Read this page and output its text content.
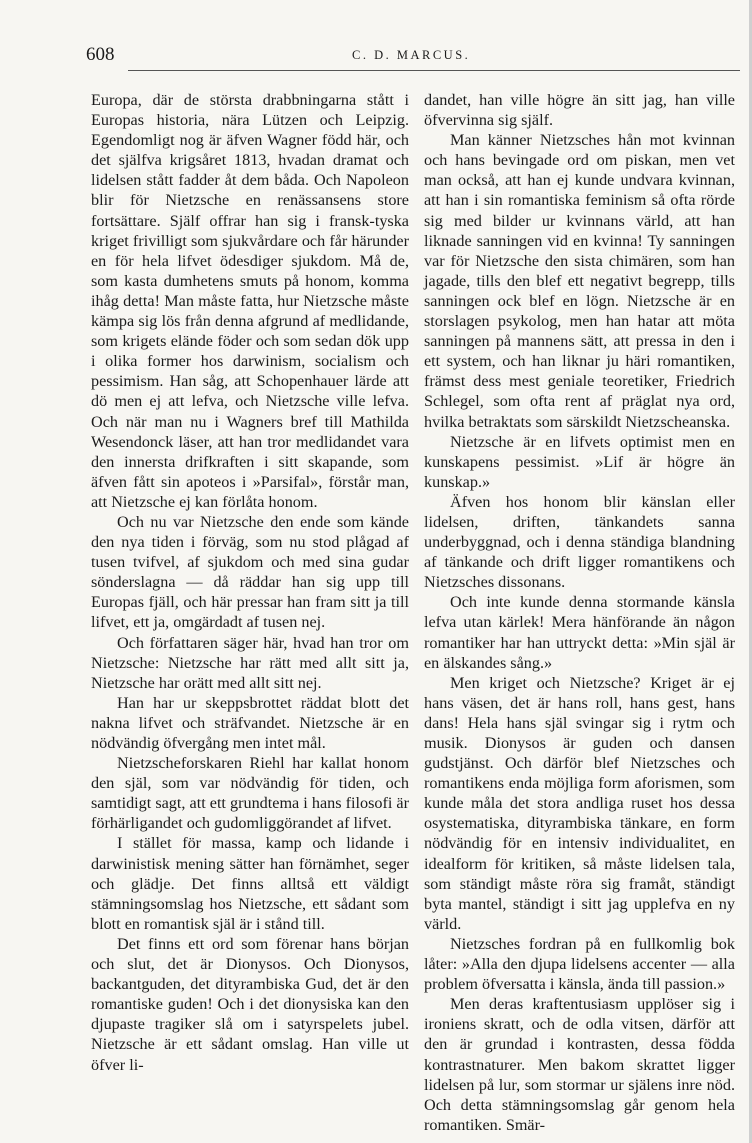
608	C. D. MARCUS.

Europa, där de största drabbningarna stått i Europas historia, nära Lützen och Leipzig. Egendomligt nog är äfven Wagner född här, och det själfva krigsåret 1813, hvadan dramat och lidelsen stått fadder åt dem båda. Och Napoleon blir för Nietzsche en renässansens store fortsättare. Själf offrar han sig i fransk-tyska kriget frivilligt som sjukvårdare och får härunder en för hela lifvet ödesdiger sjukdom. Må de, som kasta dumhetens smuts på honom, komma ihåg detta! Man måste fatta, hur Nietzsche måste kämpa sig lös från denna afgrund af medlidande, som krigets elände föder och som sedan dök upp i olika former hos darwinism, socialism och pessimism. Han såg, att Schopenhauer lärde att dö men ej att lefva, och Nietzsche ville lefva. Och när man nu i Wagners bref till Mathilda Wesendonck läser, att han tror medlidandet vara den innersta drifkraften i sitt skapande, som äfven fått sin apoteos i »Parsifal», förstår man, att Nietzsche ej kan förlåta honom.

Och nu var Nietzsche den ende som kände den nya tiden i förväg, som nu stod plågad af tusen tvifvel, af sjukdom och med sina gudar sönderslagna — då räddar han sig upp till Europas fjäll, och här pressar han fram sitt ja till lifvet, ett ja, omgärdadt af tusen nej.

Och författaren säger här, hvad han tror om Nietzsche: Nietzsche har rätt med allt sitt ja, Nietzsche har orätt med allt sitt nej.

Han har ur skeppsbrottet räddat blott det nakna lifvet och sträfvandet. Nietzsche är en nödvändig öfvergång men intet mål.

Nietzscheforskaren Riehl har kallat honom den själ, som var nödvändig för tiden, och samtidigt sagt, att ett grundtema i hans filosofi är förhärligandet och gudomliggörandet af lifvet.

I stället för massa, kamp och lidande i darwinistisk mening sätter han förnämhet, seger och glädje. Det finns alltså ett väldigt stämningsomslag hos Nietzsche, ett sådant som blott en romantisk själ är i stånd till.

Det finns ett ord som förenar hans början och slut, det är Dionysos. Och Dionysos, backantguden, det dityrambiska Gud, det är den romantiske guden! Och i det dionysiska kan den djupaste tragiker slå om i satyrspelets jubel. Nietzsche är ett sådant omslag. Han ville ut öfver li-

dandet, han ville högre än sitt jag, han ville öfvervinna sig själf.

Man känner Nietzsches hån mot kvinnan och hans bevingade ord om piskan, men vet man också, att han ej kunde undvara kvinnan, att han i sin romantiska feminism så ofta rörde sig med bilder ur kvinnans värld, att han liknade sanningen vid en kvinna! Ty sanningen var för Nietzsche den sista chimären, som han jagade, tills den blef ett negativt begrepp, tills sanningen ock blef en lögn. Nietzsche är en storslagen psykolog, men han hatar att möta sanningen på mannens sätt, att pressa in den i ett system, och han liknar ju häri romantiken, främst dess mest geniale teoretiker, Friedrich Schlegel, som ofta rent af präglat nya ord, hvilka betraktats som särskildt Nietzscheanska.

Nietzsche är en lifvets optimist men en kunskapens pessimist. »Lif är högre än kunskap.»

Äfven hos honom blir känslan eller lidelsen, driften, tänkandets sanna underbyggnad, och i denna ständiga blandning af tänkande och drift ligger romantikens och Nietzsches dissonans.

Och inte kunde denna stormande känsla lefva utan kärlek! Mera hänförande än någon romantiker har han uttryckt detta: »Min själ är en älskandes sång.»

Men kriget och Nietzsche? Kriget är ej hans väsen, det är hans roll, hans gest, hans dans! Hela hans själ svingar sig i rytm och musik. Dionysos är guden och dansen gudstjänst. Och därför blef Nietzsches och romantikens enda möjliga form aforismen, som kunde måla det stora andliga ruset hos dessa osystematiska, dityrambiska tänkare, en form nödvändig för en intensiv individualitet, en idealform för kritiken, så måste lidelsen tala, som ständigt måste röra sig framåt, ständigt byta mantel, ständigt i sitt jag upplefva en ny värld.

Nietzsches fordran på en fullkomlig bok låter: »Alla den djupa lidelsens accenter — alla problem öfversatta i känsla, ända till passion.»

Men deras kraftentusiasm upplöser sig i ironiens skratt, och de odla vitsen, därför att den är grundad i kontrasten, dessa födda kontrastnaturer. Men bakom skrattet ligger lidelsen på lur, som stormar ur själens inre nöd. Och detta stämningsomslag går genom hela romantiken. Smär-
